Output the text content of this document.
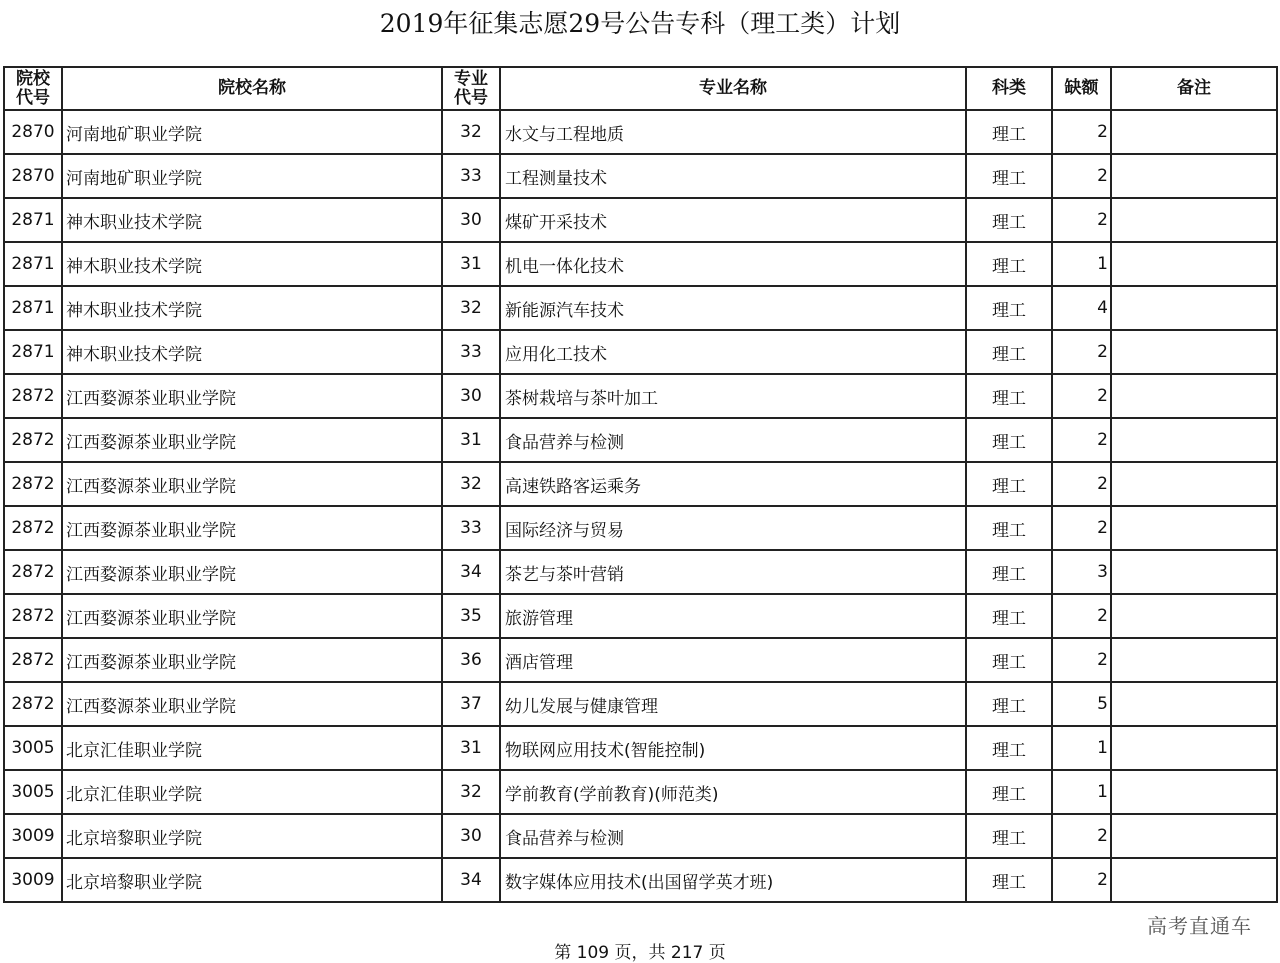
2019年征集志愿29号公告专科（理工类）计划
院校代号	院校名称	专业代号	专业名称	科类	缺额	备注
2870	河南地矿职业学院	32	水文与工程地质	理工	2	
2870	河南地矿职业学院	33	工程测量技术	理工	2	
2871	神木职业技术学院	30	煤矿开采技术	理工	2	
2871	神木职业技术学院	31	机电一体化技术	理工	1	
2871	神木职业技术学院	32	新能源汽车技术	理工	4	
2871	神木职业技术学院	33	应用化工技术	理工	2	
2872	江西婺源茶业职业学院	30	茶树栽培与茶叶加工	理工	2	
2872	江西婺源茶业职业学院	31	食品营养与检测	理工	2	
2872	江西婺源茶业职业学院	32	高速铁路客运乘务	理工	2	
2872	江西婺源茶业职业学院	33	国际经济与贸易	理工	2	
2872	江西婺源茶业职业学院	34	茶艺与茶叶营销	理工	3	
2872	江西婺源茶业职业学院	35	旅游管理	理工	2	
2872	江西婺源茶业职业学院	36	酒店管理	理工	2	
2872	江西婺源茶业职业学院	37	幼儿发展与健康管理	理工	5	
3005	北京汇佳职业学院	31	物联网应用技术(智能控制)	理工	1	
3005	北京汇佳职业学院	32	学前教育(学前教育)(师范类)	理工	1	
3009	北京培黎职业学院	30	食品营养与检测	理工	2	
3009	北京培黎职业学院	34	数字媒体应用技术(出国留学英才班)	理工	2	
高考直通车
第 109 页，共 217 页
